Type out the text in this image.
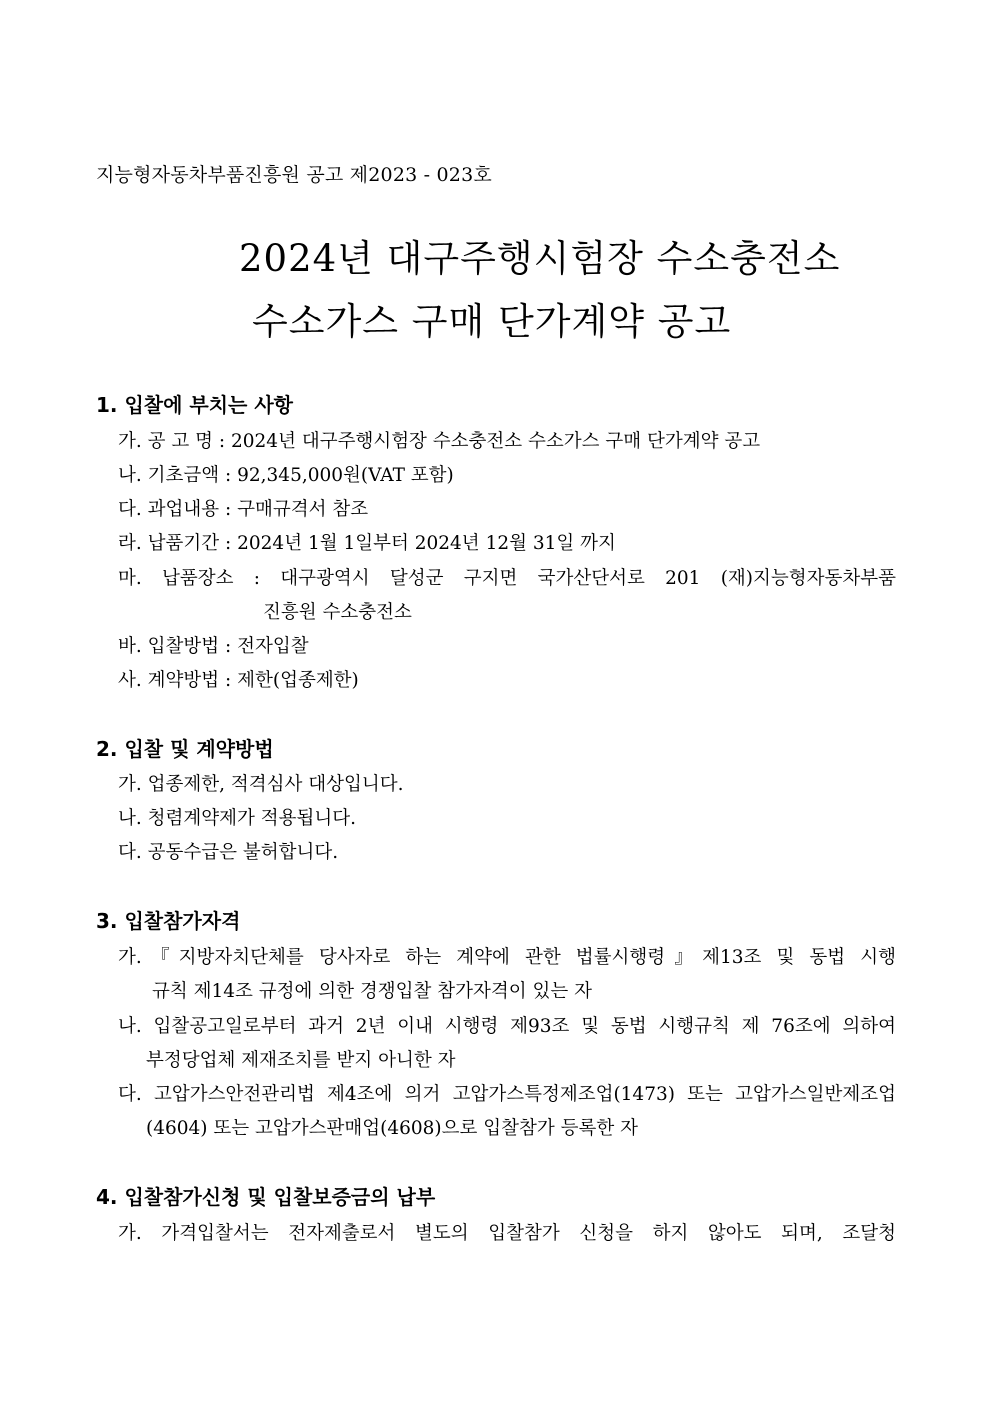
지능형자동차부품진흥원 공고 제2023 - 023호
2024년 대구주행시험장 수소충전소
수소가스 구매 단가계약 공고
1. 입찰에 부치는 사항
가. 공 고 명 : 2024년 대구주행시험장 수소충전소 수소가스 구매 단가계약 공고
나. 기초금액 : 92,345,000원(VAT 포함)
다. 과업내용 : 구매규격서 참조
라. 납품기간 : 2024년 1월 1일부터 2024년 12월 31일 까지
마. 납품장소 : 대구광역시 달성군 구지면 국가산단서로 201 (재)지능형자동차부품
진흥원 수소충전소
바. 입찰방법 : 전자입찰
사. 계약방법 : 제한(업종제한)
2. 입찰 및 계약방법
가. 업종제한, 적격심사 대상입니다.
나. 청렴계약제가 적용됩니다.
다. 공동수급은 불허합니다.
3. 입찰참가자격
가.『지방자치단체를 당사자로 하는 계약에 관한 법률시행령』제13조 및 동법 시행
규칙 제14조 규정에 의한 경쟁입찰 참가자격이 있는 자
나. 입찰공고일로부터 과거 2년 이내 시행령 제93조 및 동법 시행규칙 제 76조에 의하여
부정당업체 제재조치를 받지 아니한 자
다. 고압가스안전관리법 제4조에 의거 고압가스특정제조업(1473) 또는 고압가스일반제조업
(4604) 또는 고압가스판매업(4608)으로 입찰참가 등록한 자
4. 입찰참가신청 및 입찰보증금의 납부
가. 가격입찰서는 전자제출로서 별도의 입찰참가 신청을 하지 않아도 되며, 조달청
